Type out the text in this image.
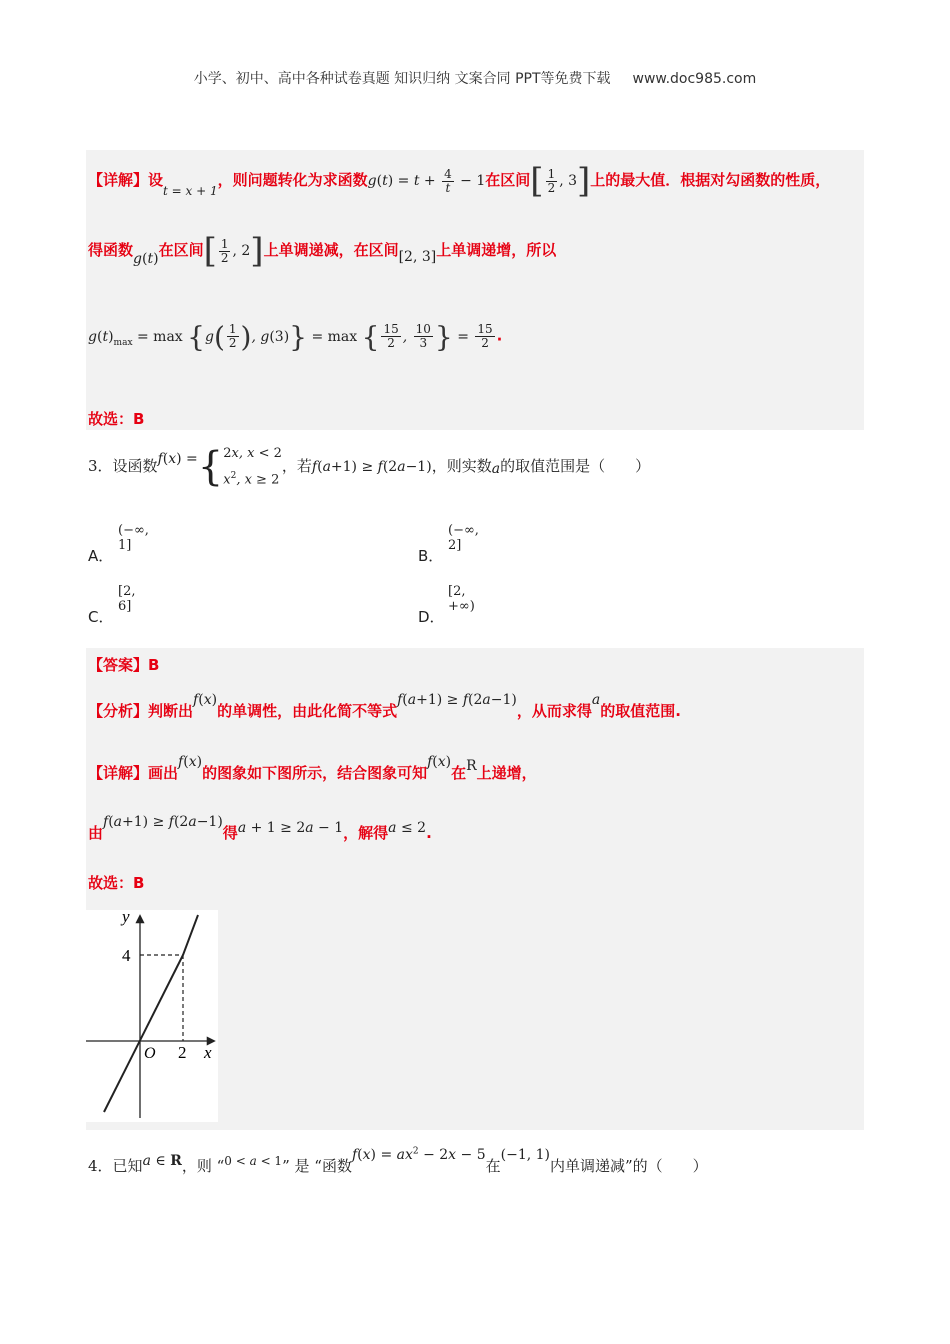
小学、初中、高中各种试卷真题 知识归纳 文案合同 PPT等免费下载 www.doc985.com
【详解】设$_{t = x + 1}$，则问题转化为求函数$g(t) = t + \frac{4}{t} - 1$在区间[ $\frac{1}{2}$ , 3]上的最大值．根据对勾函数的性质，
得函数g(t)在区间[ $\frac{1}{2}$ , 2]上单调递减，在区间[2, 3]上单调递增，所以
$g(t)_{max} = \max \{g( \frac{1}{2}$ ), g(3)} = max { $\frac{15}{2}$ , $\frac{10}{3}$ } = $\frac{15}{2}$ .
故选：B
3．设函数 f(x) = { 2x, x < 2
$x^2$, x ≥ 2
，若f(a+1) ≥ f(2a−1)，则实数a的取值范围是（　　）
A．
(−∞, 1]
B．
(−∞, 2]
C．
[2, 6]
D．
[2, +∞)
【答案】B
【分析】判断出f(x)的单调性，由此化简不等式f(a+1) ≥ f(2a−1)，从而求得a的取值范围.
【详解】画出f(x)的图象如下图所示，结合图象可知f(x)在R上递增，
由f(a+1) ≥ f(2a−1)得a + 1 ≥ 2a − 1，解得a ≤ 2.
故选：B
y
x
O
4
2
4．已知a ∈ R，则 “$^{0 < a < 1}$” 是 “函数$f(x) = ax^2 - 2x - 5$在(−1, 1)内单调递减”的（　　）
